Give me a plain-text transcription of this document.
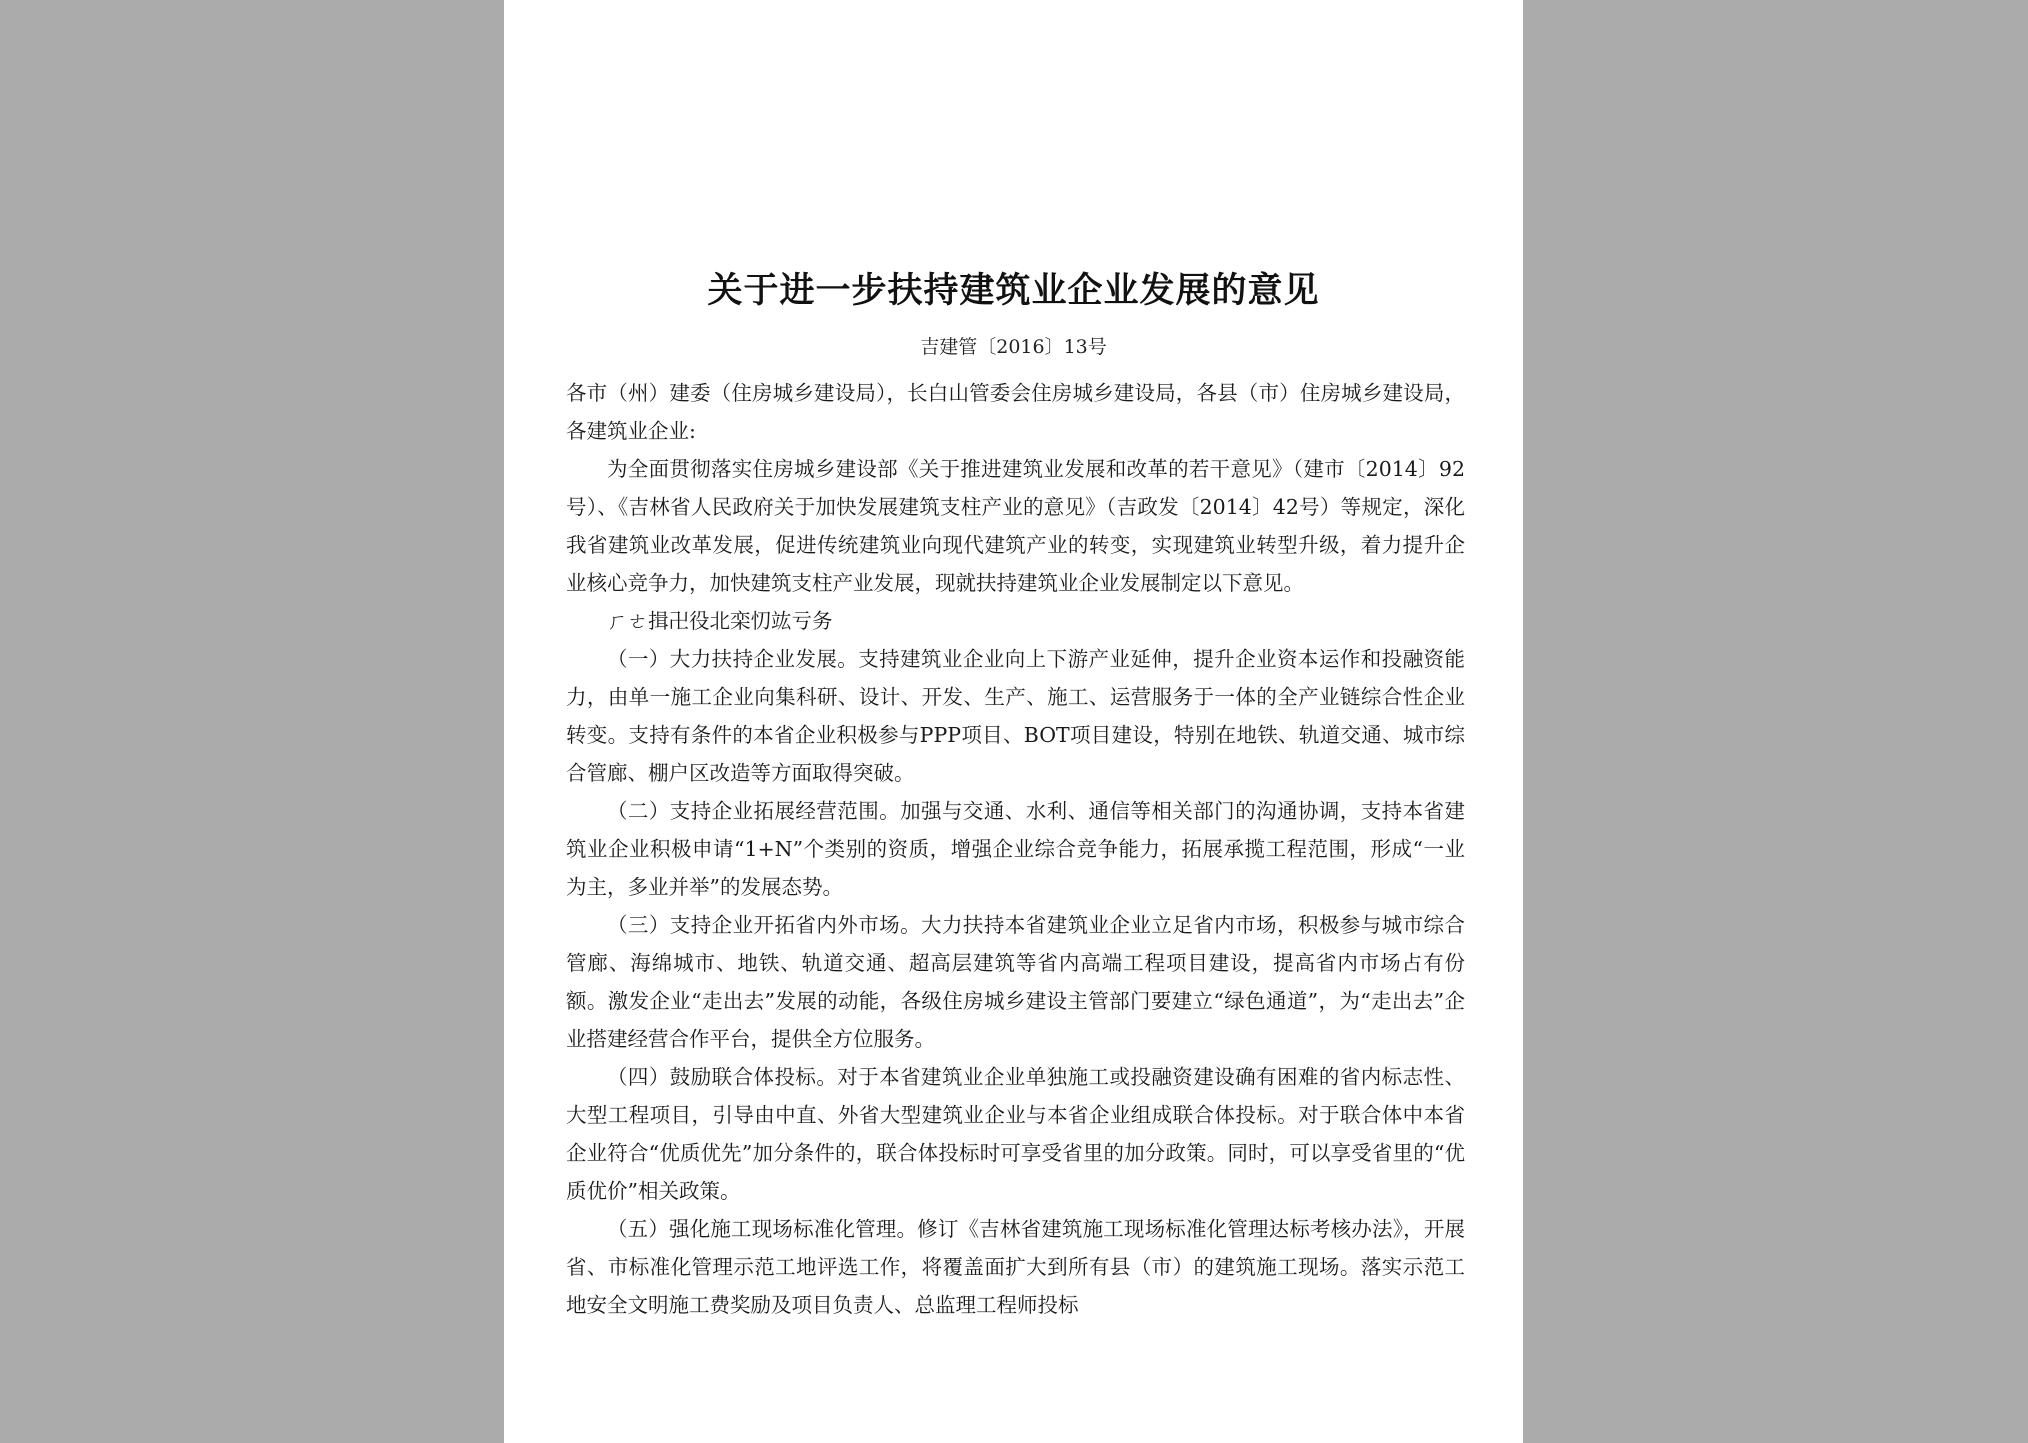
关于进一步扶持建筑业企业发展的意见
吉建管〔2016〕13号

各市（州）建委（住房城乡建设局），长白山管委会住房城乡建设局，各县（市）住房城乡建设局，各建筑业企业:

为全面贯彻落实住房城乡建设部《关于推进建筑业发展和改革的若干意见》（建市〔2014〕92号）、《吉林省人民政府关于加快发展建筑支柱产业的意见》（吉政发〔2014〕42号）等规定，深化我省建筑业改革发展，促进传统建筑业向现代建筑产业的转变，实现建筑业转型升级，着力提升企业核心竞争力，加快建筑支柱产业发展，现就扶持建筑业企业发展制定以下意见。

ㄏㄜ揖卍役北栾忉竑亏务

（一）大力扶持企业发展。支持建筑业企业向上下游产业延伸，提升企业资本运作和投融资能力，由单一施工企业向集科研、设计、开发、生产、施工、运营服务于一体的全产业链综合性企业转变。支持有条件的本省企业积极参与PPP项目、BOT项目建设，特别在地铁、轨道交通、城市综合管廊、棚户区改造等方面取得突破。

（二）支持企业拓展经营范围。加强与交通、水利、通信等相关部门的沟通协调，支持本省建筑业企业积极申请“1+N”个类别的资质，增强企业综合竞争能力，拓展承揽工程范围，形成“一业为主，多业并举”的发展态势。

（三）支持企业开拓省内外市场。大力扶持本省建筑业企业立足省内市场，积极参与城市综合管廊、海绵城市、地铁、轨道交通、超高层建筑等省内高端工程项目建设，提高省内市场占有份额。激发企业“走出去”发展的动能，各级住房城乡建设主管部门要建立“绿色通道”，为“走出去”企业搭建经营合作平台，提供全方位服务。

（四）鼓励联合体投标。对于本省建筑业企业单独施工或投融资建设确有困难的省内标志性、大型工程项目，引导由中直、外省大型建筑业企业与本省企业组成联合体投标。对于联合体中本省企业符合“优质优先”加分条件的，联合体投标时可享受省里的加分政策。同时，可以享受省里的“优质优价”相关政策。

（五）强化施工现场标准化管理。修订《吉林省建筑施工现场标准化管理达标考核办法》，开展省、市标准化管理示范工地评选工作，将覆盖面扩大到所有县（市）的建筑施工现场。落实示范工地安全文明施工费奖励及项目负责人、总监理工程师投标
